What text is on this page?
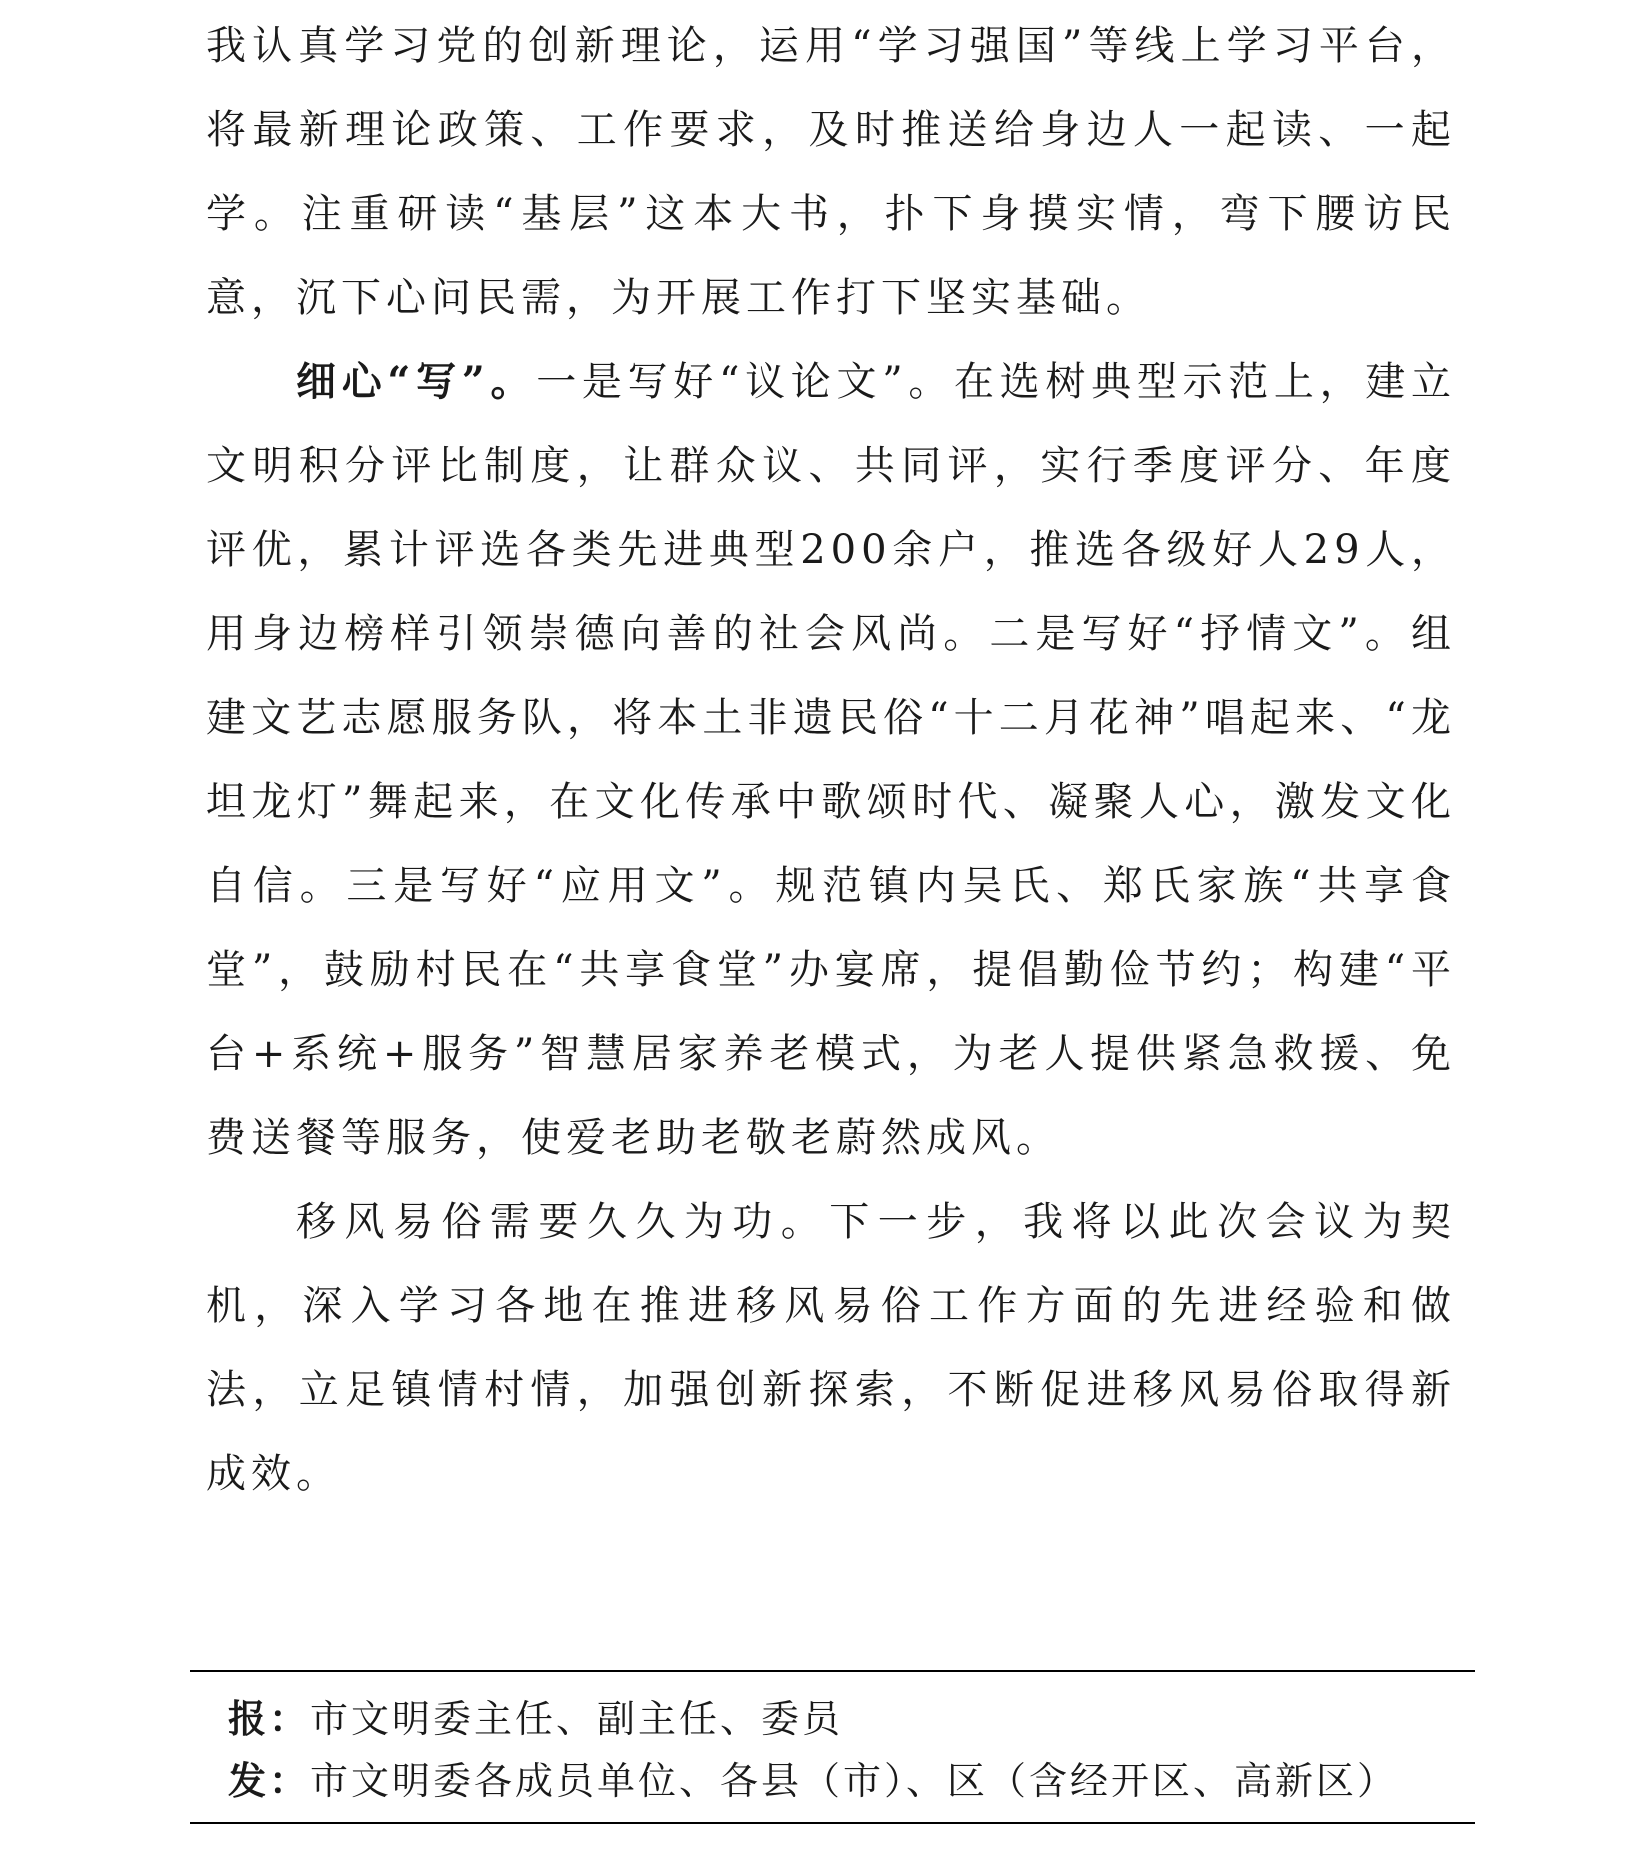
我认真学习党的创新理论，运用“学习强国”等线上学习平台，将最新理论政策、工作要求，及时推送给身边人一起读、一起学。注重研读“基层”这本大书，扑下身摸实情，弯下腰访民意，沉下心问民需，为开展工作打下坚实基础。

细心“写”。一是写好“议论文”。在选树典型示范上，建立文明积分评比制度，让群众议、共同评，实行季度评分、年度评优，累计评选各类先进典型200余户，推选各级好人29人，用身边榜样引领崇德向善的社会风尚。二是写好“抒情文”。组建文艺志愿服务队，将本土非遗民俗“十二月花神”唱起来、“龙坦龙灯”舞起来，在文化传承中歌颂时代、凝聚人心，激发文化自信。三是写好“应用文”。规范镇内吴氏、郑氏家族“共享食堂”，鼓励村民在“共享食堂”办宴席，提倡勤俭节约；构建“平台+系统+服务”智慧居家养老模式，为老人提供紧急救援、免费送餐等服务，使爱老助老敬老蔚然成风。

移风易俗需要久久为功。下一步，我将以此次会议为契机，深入学习各地在推进移风易俗工作方面的先进经验和做法，立足镇情村情，加强创新探索，不断促进移风易俗取得新成效。

报：市文明委主任、副主任、委员
发：市文明委各成员单位、各县（市）、区（含经开区、高新区）
